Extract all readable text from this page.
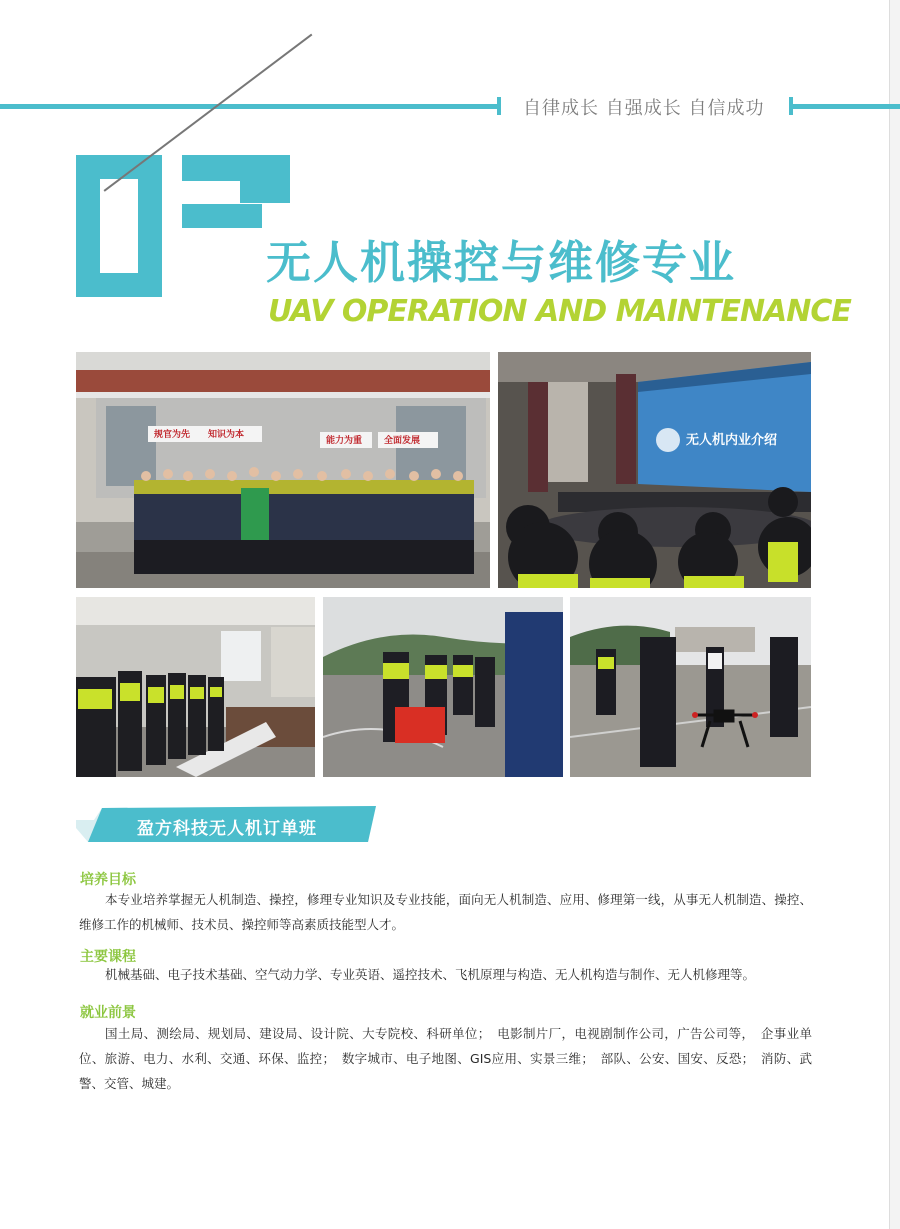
自律成长 自强成长 自信成功
无人机操控与维修专业
UAV OPERATION AND MAINTENANCE
规官为先 知识为本
能力为重 全面发展	无人机内业介绍
盈方科技无人机订单班
培养目标
本专业培养掌握无人机制造、操控，修理专业知识及专业技能，面向无人机制造、应用、修理第一线，从事无人机制造、操控、维修工作的机械师、技术员、操控师等高素质技能型人才。
主要课程
机械基础、电子技术基础、空气动力学、专业英语、遥控技术、飞机原理与构造、无人机构造与制作、无人机修理等。
就业前景
国土局、测绘局、规划局、建设局、设计院、大专院校、科研单位；　电影制片厂，电视剧制作公司，广告公司等，　企事业单位、旅游、电力、水利、交通、环保、监控；　数字城市、电子地图、GIS应用、实景三维；　部队、公安、国安、反恐；　消防、武警、交管、城建。
